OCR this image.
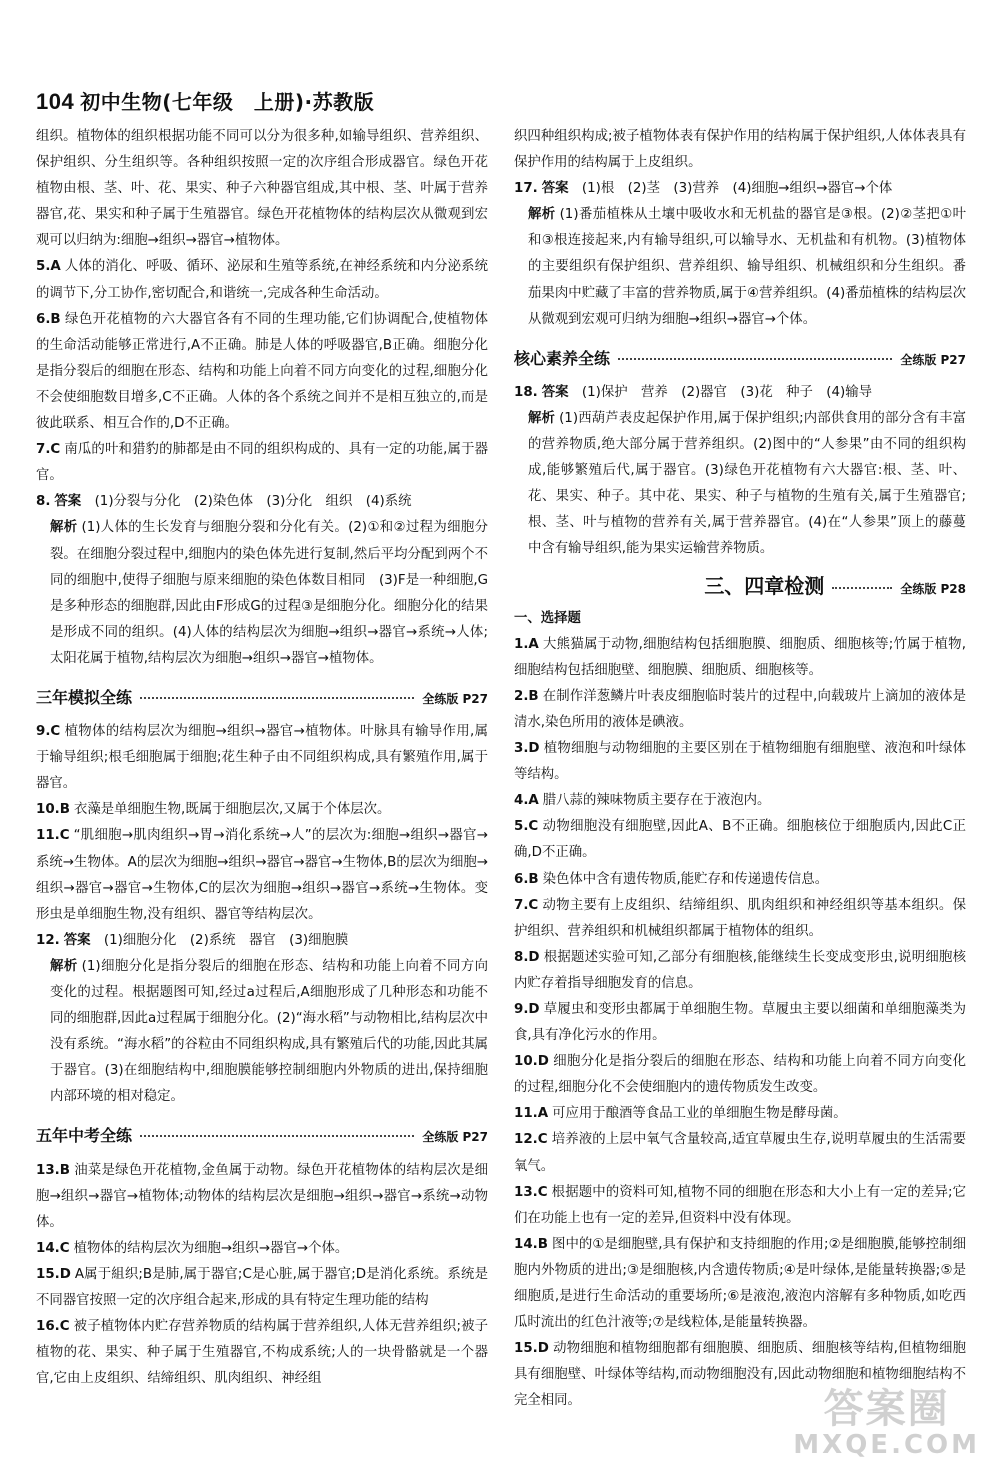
104 初中生物(七年级　上册)·苏教版

组织。植物体的组织根据功能不同可以分为很多种,如输导组织、营养组织、保护组织、分生组织等。各种组织按照一定的次序组合形成器官。绿色开花植物由根、茎、叶、花、果实、种子六种器官组成,其中根、茎、叶属于营养器官,花、果实和种子属于生殖器官。绿色开花植物体的结构层次从微观到宏观可以归纳为:细胞→组织→器官→植物体。

5.A 人体的消化、呼吸、循环、泌尿和生殖等系统,在神经系统和内分泌系统的调节下,分工协作,密切配合,和谐统一,完成各种生命活动。

6.B 绿色开花植物的六大器官各有不同的生理功能,它们协调配合,使植物体的生命活动能够正常进行,A不正确。肺是人体的呼吸器官,B正确。细胞分化是指分裂后的细胞在形态、结构和功能上向着不同方向变化的过程,细胞分化不会使细胞数目增多,C不正确。人体的各个系统之间并不是相互独立的,而是彼此联系、相互合作的,D不正确。

7.C 南瓜的叶和猎豹的肺都是由不同的组织构成的、具有一定的功能,属于器官。

8. 答案　 (1)分裂与分化　(2)染色体　(3)分化　组织　(4)系统

解析 (1)人体的生长发育与细胞分裂和分化有关。(2)①和②过程为细胞分裂。在细胞分裂过程中,细胞内的染色体先进行复制,然后平均分配到两个不同的细胞中,使得子细胞与原来细胞的染色体数目相同　(3)F是一种细胞,G是多种形态的细胞群,因此由F形成G的过程③是细胞分化。细胞分化的结果是形成不同的组织。(4)人体的结构层次为细胞→组织→器官→系统→人体;太阳花属于植物,结构层次为细胞→组织→器官→植物体。

三年模拟全练	全练版 P27

9.C 植物体的结构层次为细胞→组织→器官→植物体。叶脉具有输导作用,属于输导组织;根毛细胞属于细胞;花生种子由不同组织构成,具有繁殖作用,属于器官。

10.B 衣藻是单细胞生物,既属于细胞层次,又属于个体层次。

11.C “肌细胞→肌肉组织→胃→消化系统→人”的层次为:细胞→组织→器官→系统→生物体。A的层次为细胞→组织→器官→器官→生物体,B的层次为细胞→组织→器官→器官→生物体,C的层次为细胞→组织→器官→系统→生物体。变形虫是单细胞生物,没有组织、器官等结构层次。

12. 答案　 (1)细胞分化　(2)系统　器官　(3)细胞膜

解析 (1)细胞分化是指分裂后的细胞在形态、结构和功能上向着不同方向变化的过程。根据题图可知,经过a过程后,A细胞形成了几种形态和功能不同的细胞群,因此a过程属于细胞分化。(2)“海水稻”与动物相比,结构层次中没有系统。“海水稻”的谷粒由不同组织构成,具有繁殖后代的功能,因此其属于器官。(3)在细胞结构中,细胞膜能够控制细胞内外物质的进出,保持细胞内部环境的相对稳定。

五年中考全练	全练版 P27

13.B 油菜是绿色开花植物,金鱼属于动物。绿色开花植物体的结构层次是细胞→组织→器官→植物体;动物体的结构层次是细胞→组织→器官→系统→动物体。

14.C 植物体的结构层次为细胞→组织→器官→个体。

15.D A属于組织;B是肺,属于器官;C是心脏,属于器官;D是消化系统。系统是不同器官按照一定的次序组合起来,形成的具有特定生理功能的结构

16.C 被子植物体内贮存营养物质的结构属于营养组织,人体无营养组织;被子植物的花、果实、种子属于生殖器官,不构成系统;人的一块骨骼就是一个器官,它由上皮组织、结缔组织、肌肉组织、神经组

织四种组织构成;被子植物体表有保护作用的结构属于保护组织,人体体表具有保护作用的结构属于上皮组织。

17. 答案　 (1)根　(2)茎　(3)营养　(4)细胞→组织→器官→个体

解析 (1)番茄植株从土壤中吸收水和无机盐的器官是③根。(2)②茎把①叶和③根连接起来,内有输导组织,可以输导水、无机盐和有机物。(3)植物体的主要组织有保护组织、营养组织、输导组织、机械组织和分生组织。番茄果肉中贮藏了丰富的营养物质,属于④营养组织。(4)番茄植株的结构层次从微观到宏观可归纳为细胞→组织→器官→个体。

核心素养全练	全练版 P27

18. 答案　 (1)保护　营养　(2)器官　(3)花　种子　(4)输导

解析 (1)西葫芦表皮起保护作用,属于保护组织;内部供食用的部分含有丰富的营养物质,绝大部分属于营养组织。(2)图中的“人参果”由不同的组织构成,能够繁殖后代,属于器官。(3)绿色开花植物有六大器官:根、茎、叶、花、果实、种子。其中花、果实、种子与植物的生殖有关,属于生殖器官;根、茎、叶与植物的营养有关,属于营养器官。(4)在“人参果”顶上的藤蔓中含有输导组织,能为果实运输营养物质。

三、四章检测	全练版 P28

一、选择题

1.A 大熊猫属于动物,细胞结构包括细胞膜、细胞质、细胞核等;竹属于植物,细胞结构包括细胞壁、细胞膜、细胞质、细胞核等。

2.B 在制作洋葱鳞片叶表皮细胞临时装片的过程中,向载玻片上滴加的液体是清水,染色所用的液体是碘液。

3.D 植物细胞与动物细胞的主要区别在于植物细胞有细胞壁、液泡和叶绿体等结构。

4.A 腊八蒜的辣味物质主要存在于液泡内。

5.C 动物细胞没有细胞壁,因此A、B不正确。细胞核位于细胞质内,因此C正确,D不正确。

6.B 染色体中含有遗传物质,能贮存和传递遗传信息。

7.C 动物主要有上皮组织、结缔组织、肌肉组织和神经组织等基本组织。保护组织、营养组织和机械组织都属于植物体的组织。

8.D 根据题述实验可知,乙部分有细胞核,能继续生长变成变形虫,说明细胞核内贮存着指导细胞发育的信息。

9.D 草履虫和变形虫都属于单细胞生物。草履虫主要以细菌和单细胞藻类为食,具有净化污水的作用。

10.D 细胞分化是指分裂后的细胞在形态、结构和功能上向着不同方向变化的过程,细胞分化不会使细胞内的遗传物质发生改变。

11.A 可应用于酿酒等食品工业的单细胞生物是酵母菌。

12.C 培养液的上层中氧气含量较高,适宜草履虫生存,说明草履虫的生活需要氧气。

13.C 根据题中的资料可知,植物不同的细胞在形态和大小上有一定的差异;它们在功能上也有一定的差异,但资料中没有体现。

14.B 图中的①是细胞壁,具有保护和支持细胞的作用;②是细胞膜,能够控制细胞内外物质的进出;③是细胞核,内含遗传物质;④是叶绿体,是能量转换器;⑤是细胞质,是进行生命活动的重要场所;⑥是液泡,液泡内溶解有多种物质,如吃西瓜时流出的红色汁液等;⑦是线粒体,是能量转换器。

15.D 动物细胞和植物细胞都有细胞膜、细胞质、细胞核等结构,但植物细胞具有细胞壁、叶绿体等结构,而动物细胞没有,因此动物细胞和植物细胞结构不完全相同。	答案圈
MXQE.COM
